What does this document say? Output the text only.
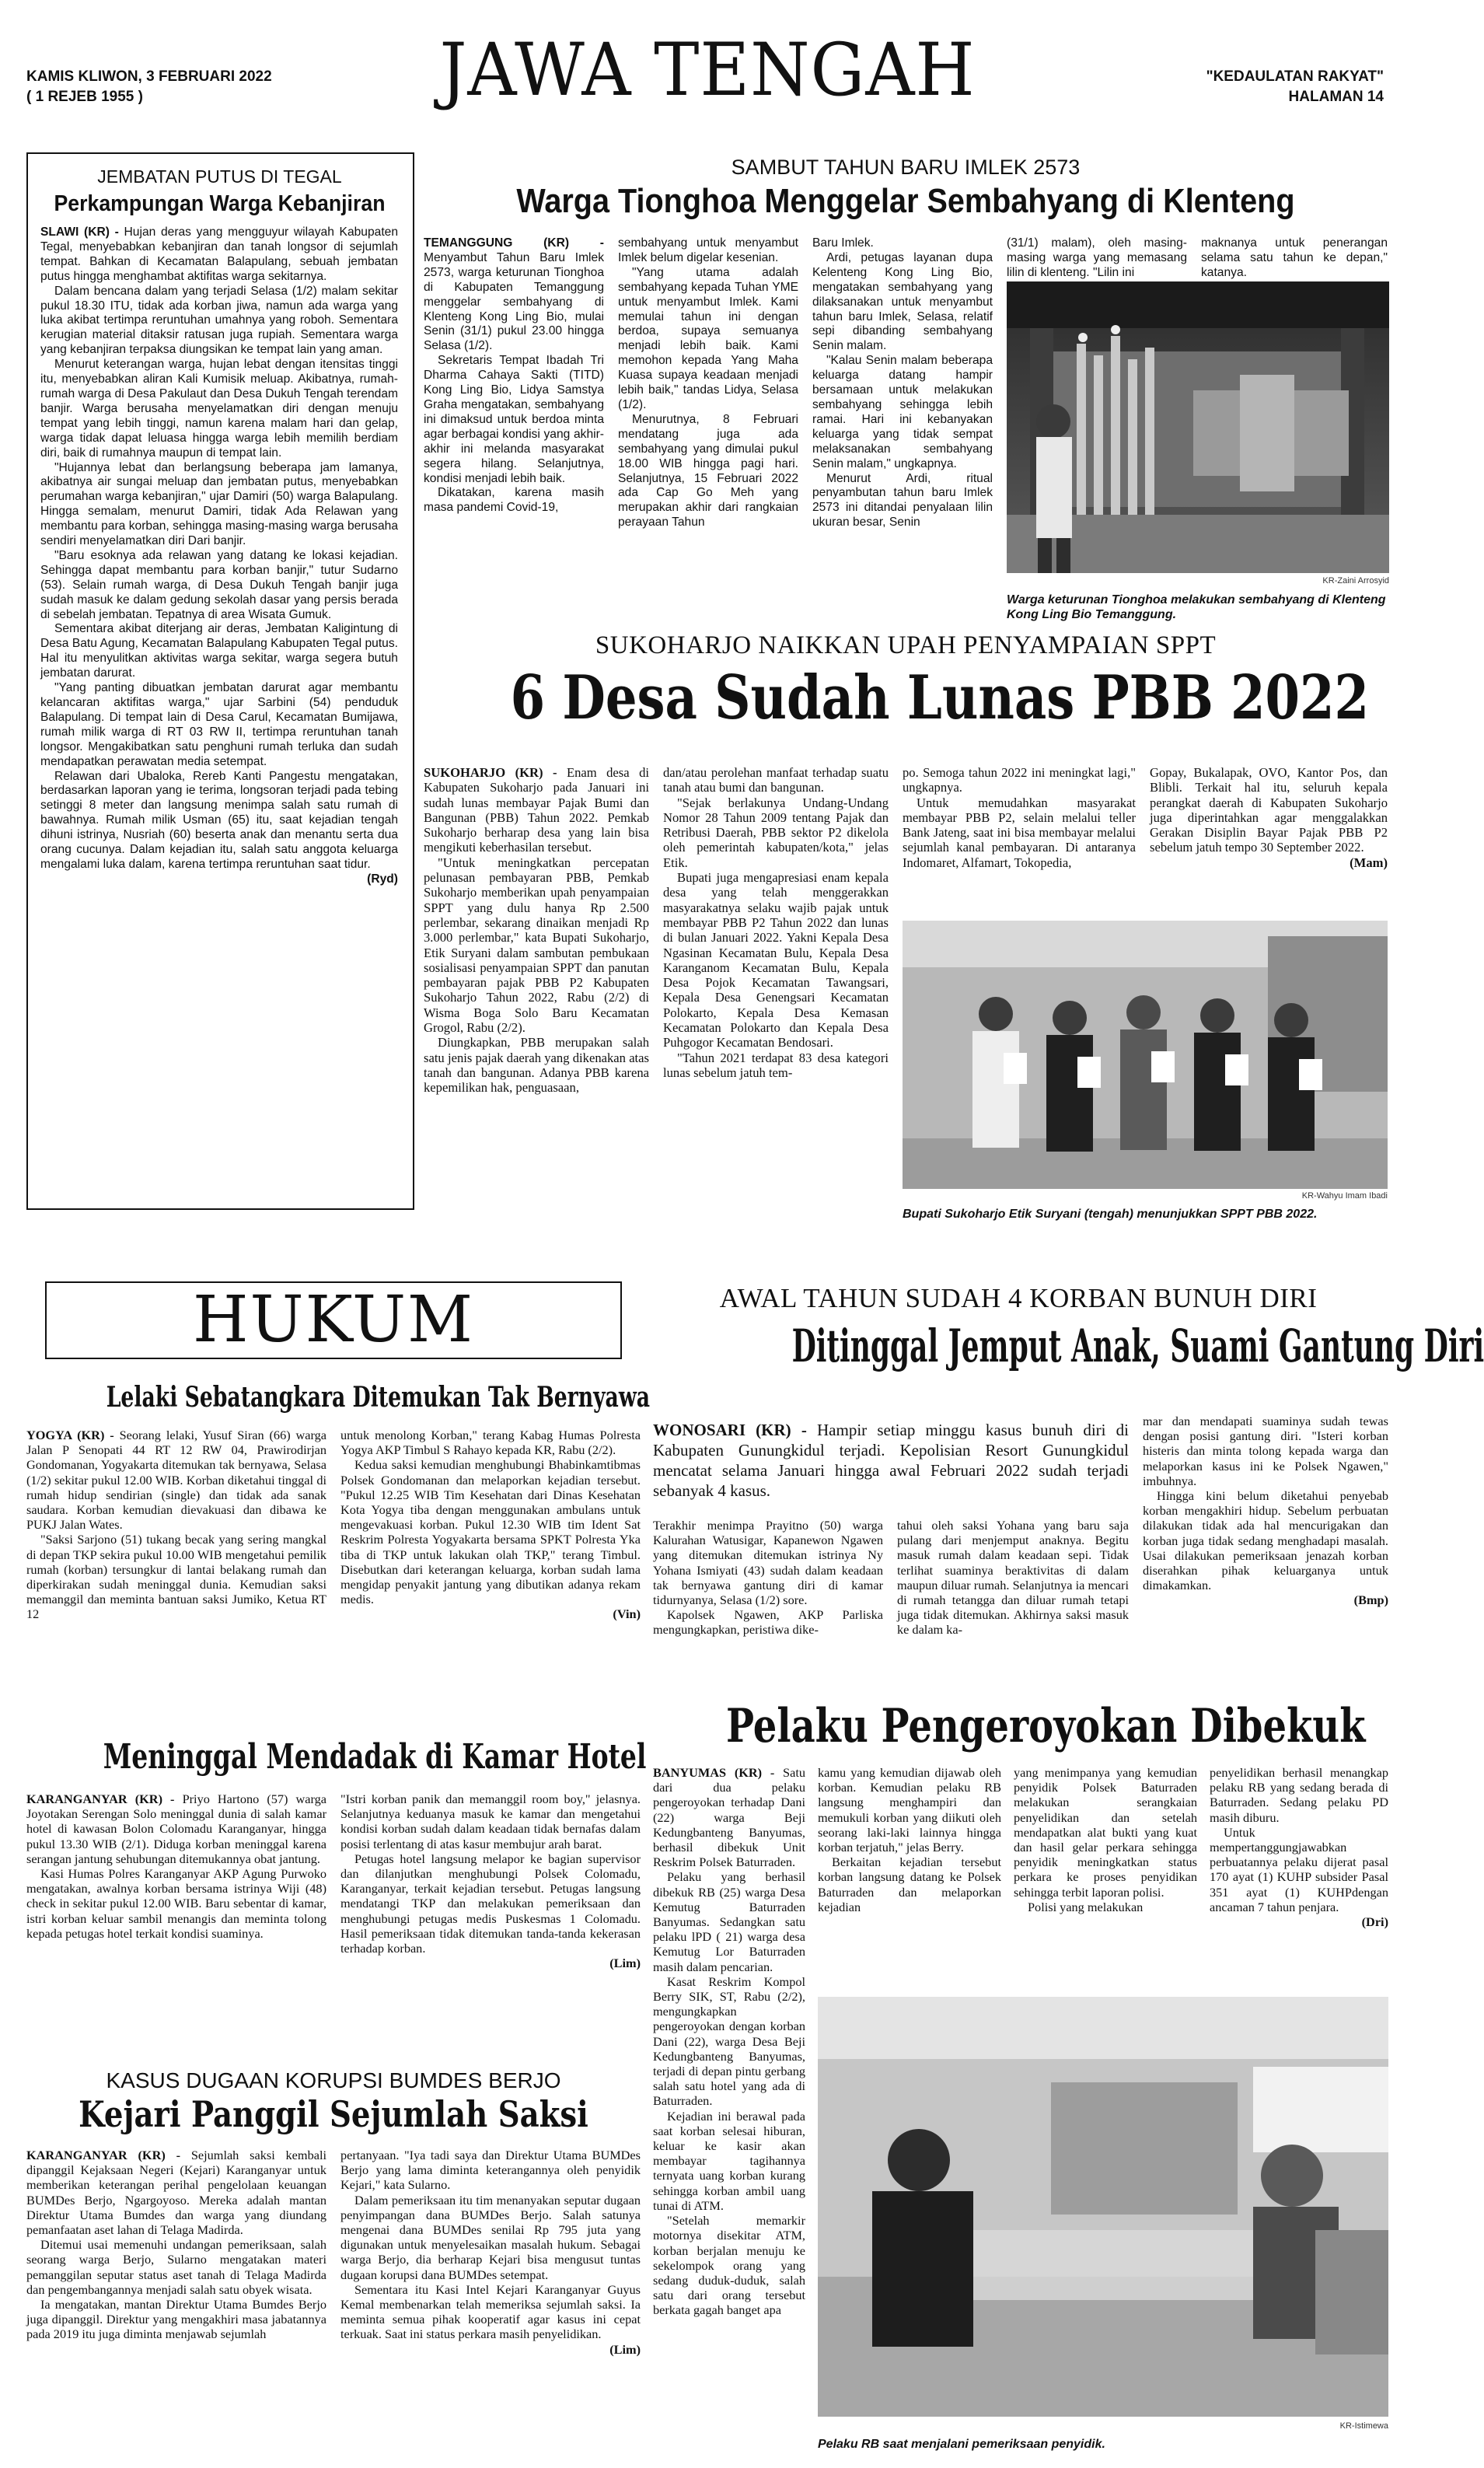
KAMIS KLIWON, 3 FEBRUARI 2022
( 1 REJEB 1955 )	JAWA TENGAH	"KEDAULATAN RAKYAT"
HALAMAN 14
JEMBATAN PUTUS DI TEGAL
Perkampungan Warga Kebanjiran

SLAWI (KR) - Hujan deras yang mengguyur wilayah Kabupaten Tegal, menyebabkan kebanjiran dan tanah longsor di sejumlah tempat. Bahkan di Kecamatan Balapulang, sebuah jembatan putus hingga menghambat aktifitas warga sekitarnya.

Dalam bencana dalam yang terjadi Selasa (1/2) malam sekitar pukul 18.30 ITU, tidak ada korban jiwa, namun ada warga yang luka akibat tertimpa reruntuhan umahnya yang roboh. Sementara kerugian material ditaksir ratusan juga rupiah. Sementara warga yang kebanjiran terpaksa diungsikan ke tempat lain yang aman.

Menurut keterangan warga, hujan lebat dengan itensitas tinggi itu, menyebabkan aliran Kali Kumisik meluap. Akibatnya, rumah-rumah warga di Desa Pakulaut dan Desa Dukuh Tengah terendam banjir. Warga berusaha menyelamatkan diri dengan menuju tempat yang lebih tinggi, namun karena malam hari dan gelap, warga tidak dapat leluasa hingga warga lebih memilih berdiam diri, baik di rumahnya maupun di tempat lain.

"Hujannya lebat dan berlangsung beberapa jam lamanya, akibatnya air sungai meluap dan jembatan putus, menyebabkan perumahan warga kebanjiran," ujar Damiri (50) warga Balapulang. Hingga semalam, menurut Damiri, tidak Ada Relawan yang membantu para korban, sehingga masing-masing warga berusaha sendiri menyelamatkan diri Dari banjir.

"Baru esoknya ada relawan yang datang ke lokasi kejadian. Sehingga dapat membantu para korban banjir," tutur Sudarno (53). Selain rumah warga, di Desa Dukuh Tengah banjir juga sudah masuk ke dalam gedung sekolah dasar yang persis berada di sebelah jembatan. Tepatnya di area Wisata Gumuk.

Sementara akibat diterjang air deras, Jembatan Kaligintung di Desa Batu Agung, Kecamatan Balapulang Kabupaten Tegal putus. Hal itu menyulitkan aktivitas warga sekitar, warga segera butuh jembatan darurat.

"Yang panting dibuatkan jembatan darurat agar membantu kelancaran aktifitas warga," ujar Sarbini (54) penduduk Balapulang. Di tempat lain di Desa Carul, Kecamatan Bumijawa, rumah milik warga di RT 03 RW II, tertimpa reruntuhan tanah longsor. Mengakibatkan satu penghuni rumah terluka dan sudah mendapatkan perawatan media setempat.

Relawan dari Ubaloka, Rereb Kanti Pangestu mengatakan, berdasarkan laporan yang ie terima, longsoran terjadi pada tebing setinggi 8 meter dan langsung menimpa salah satu rumah di bawahnya. Rumah milik Usman (65) itu, saat kejadian tengah dihuni istrinya, Nusriah (60) beserta anak dan menantu serta dua orang cucunya. Dalam kejadian itu, salah satu anggota keluarga mengalami luka dalam, karena tertimpa reruntuhan saat tidur.

(Ryd)

SAMBUT TAHUN BARU IMLEK 2573
Warga Tionghoa Menggelar Sembahyang di Klenteng

TEMANGGUNG (KR) - Menyambut Tahun Baru Imlek 2573, warga keturunan Tionghoa di Kabupaten Temanggung menggelar sembahyang di Klenteng Kong Ling Bio, mulai Senin (31/1) pukul 23.00 hingga Selasa (1/2).

Sekretaris Tempat Ibadah Tri Dharma Cahaya Sakti (TITD) Kong Ling Bio, Lidya Samstya Graha mengatakan, sembahyang ini dimaksud untuk berdoa minta agar berbagai kondisi yang akhir-akhir ini melanda masyarakat segera hilang. Selanjutnya, kondisi menjadi lebih baik.

Dikatakan, karena masih masa pandemi Covid-19,

sembahyang untuk menyambut Imlek belum digelar kesenian.

"Yang utama adalah sembahyang kepada Tuhan YME untuk menyambut Imlek. Kami memulai tahun ini dengan berdoa, supaya semuanya menjadi lebih baik. Kami memohon kepada Yang Maha Kuasa supaya keadaan menjadi lebih baik," tandas Lidya, Selasa (1/2).

Menurutnya, 8 Februari mendatang juga ada sembahyang yang dimulai pukul 18.00 WIB hingga pagi hari. Selanjutnya, 15 Februari 2022 ada Cap Go Meh yang merupakan akhir dari rangkaian perayaan Tahun

Baru Imlek.

Ardi, petugas layanan dupa Kelenteng Kong Ling Bio, mengatakan sembahyang yang dilaksanakan untuk menyambut tahun baru Imlek, Selasa, relatif sepi dibanding sembahyang Senin malam.

"Kalau Senin malam beberapa keluarga datang hampir bersamaan untuk melakukan sembahyang sehingga lebih ramai. Hari ini kebanyakan keluarga yang tidak sempat melaksanakan sembahyang Senin malam," ungkapnya.

Menurut Ardi, ritual penyambutan tahun baru Imlek 2573 ini ditandai penyalaan lilin ukuran besar, Senin

(31/1) malam), oleh masing-masing warga yang memasang lilin di klenteng. "Lilin ini

maknanya untuk penerangan selama satu tahun ke depan," katanya.

KR-Zaini Arrosyid
Warga keturunan Tionghoa melakukan sembahyang di Klenteng Kong Ling Bio Temanggung.
SUKOHARJO NAIKKAN UPAH PENYAMPAIAN SPPT
6 Desa Sudah Lunas PBB 2022

SUKOHARJO (KR) - Enam desa di Kabupaten Sukoharjo pada Januari ini sudah lunas membayar Pajak Bumi dan Bangunan (PBB) Tahun 2022. Pemkab Sukoharjo berharap desa yang lain bisa mengikuti keberhasilan tersebut.

"Untuk meningkatkan percepatan pelunasan pembayaran PBB, Pemkab Sukoharjo memberikan upah penyampaian SPPT yang dulu hanya Rp 2.500 perlembar, sekarang dinaikan menjadi Rp 3.000 perlembar," kata Bupati Sukoharjo, Etik Suryani dalam sambutan pembukaan sosialisasi penyampaian SPPT dan panutan pembayaran pajak PBB P2 Kabupaten Sukoharjo Tahun 2022, Rabu (2/2) di Wisma Boga Solo Baru Kecamatan Grogol, Rabu (2/2).

Diungkapkan, PBB merupakan salah satu jenis pajak daerah yang dikenakan atas tanah dan bangunan. Adanya PBB karena kepemilikan hak, penguasaan,

dan/atau perolehan manfaat terhadap suatu tanah atau bumi dan bangunan.

"Sejak berlakunya Undang-Undang Nomor 28 Tahun 2009 tentang Pajak dan Retribusi Daerah, PBB sektor P2 dikelola oleh pemerintah kabupaten/kota," jelas Etik.

Bupati juga mengapresiasi enam kepala desa yang telah menggerakkan masyarakatnya selaku wajib pajak untuk membayar PBB P2 Tahun 2022 dan lunas di bulan Januari 2022. Yakni Kepala Desa Ngasinan Kecamatan Bulu, Kepala Desa Karanganom Kecamatan Bulu, Kepala Desa Pojok Kecamatan Tawangsari, Kepala Desa Genengsari Kecamatan Polokarto, Kepala Desa Kemasan Kecamatan Polokarto dan Kepala Desa Puhgogor Kecamatan Bendosari.

"Tahun 2021 terdapat 83 desa kategori lunas sebelum jatuh tem-

po. Semoga tahun 2022 ini meningkat lagi," ungkapnya.

Untuk memudahkan masyarakat membayar PBB P2, selain melalui teller Bank Jateng, saat ini bisa membayar melalui sejumlah kanal pembayaran. Di antaranya Indomaret, Alfamart, Tokopedia,

Gopay, Bukalapak, OVO, Kantor Pos, dan Blibli. Terkait hal itu, seluruh kepala perangkat daerah di Kabupaten Sukoharjo juga diperintahkan agar menggalakkan Gerakan Disiplin Bayar Pajak PBB P2 sebelum jatuh tempo 30 September 2022.

(Mam)

KR-Wahyu Imam Ibadi
Bupati Sukoharjo Etik Suryani (tengah) menunjukkan SPPT PBB 2022.
HUKUM
Lelaki Sebatangkara Ditemukan Tak Bernyawa

YOGYA (KR) - Seorang lelaki, Yusuf Siran (66) warga Jalan P Senopati 44 RT 12 RW 04, Prawirodirjan Gondomanan, Yogyakarta ditemukan tak bernyawa, Selasa (1/2) sekitar pukul 12.00 WIB. Korban diketahui tinggal di rumah hidup sendirian (single) dan tidak ada sanak saudara. Korban kemudian dievakuasi dan dibawa ke PUKJ Jalan Wates.

"Saksi Sarjono (51) tukang becak yang sering mangkal di depan TKP sekira pukul 10.00 WIB mengetahui pemilik rumah (korban) tersungkur di lantai belakang rumah dan diperkirakan sudah meninggal dunia. Kemudian saksi memanggil dan meminta bantuan saksi Jumiko, Ketua RT 12

untuk menolong Korban," terang Kabag Humas Polresta Yogya AKP Timbul S Rahayo kepada KR, Rabu (2/2).

Kedua saksi kemudian menghubungi Bhabinkamtibmas Polsek Gondomanan dan melaporkan kejadian tersebut. "Pukul 12.25 WIB Tim Kesehatan dari Dinas Kesehatan Kota Yogya tiba dengan menggunakan ambulans untuk mengevakuasi korban. Pukul 12.30 WIB tim Ident Sat Reskrim Polresta Yogyakarta bersama SPKT Polresta Yka tiba di TKP untuk lakukan olah TKP," terang Timbul. Disebutkan dari keterangan keluarga, korban sudah lama mengidap penyakit jantung yang dibutikan adanya rekam medis.

(Vin)

Meninggal Mendadak di Kamar Hotel

KARANGANYAR (KR) - Priyo Hartono (57) warga Joyotakan Serengan Solo meninggal dunia di salah kamar hotel di kawasan Bolon Colomadu Karanganyar, hingga pukul 13.30 WIB (2/1). Diduga korban meninggal karena serangan jantung sehubungan ditemukannya obat jantung.

Kasi Humas Polres Karanganyar AKP Agung Purwoko mengatakan, awalnya korban bersama istrinya Wiji (48) check in sekitar pukul 12.00 WIB. Baru sebentar di kamar, istri korban keluar sambil menangis dan meminta tolong kepada petugas hotel terkait kondisi suaminya.

"Istri korban panik dan memanggil room boy," jelasnya. Selanjutnya keduanya masuk ke kamar dan mengetahui kondisi korban sudah dalam keadaan tidak bernafas dalam posisi terlentang di atas kasur membujur arah barat.

Petugas hotel langsung melapor ke bagian supervisor dan dilanjutkan menghubungi Polsek Colomadu, Karanganyar, terkait kejadian tersebut. Petugas langsung mendatangi TKP dan melakukan pemeriksaan dan menghubungi petugas medis Puskesmas 1 Colomadu. Hasil pemeriksaan tidak ditemukan tanda-tanda kekerasan terhadap korban.

(Lim)

KASUS DUGAAN KORUPSI BUMDES BERJO
Kejari Panggil Sejumlah Saksi

KARANGANYAR (KR) - Sejumlah saksi kembali dipanggil Kejaksaan Negeri (Kejari) Karanganyar untuk memberikan keterangan perihal pengelolaan keuangan BUMDes Berjo, Ngargoyoso. Mereka adalah mantan Direktur Utama Bumdes dan warga yang diundang pemanfaatan aset lahan di Telaga Madirda.

Ditemui usai memenuhi undangan pemeriksaan, salah seorang warga Berjo, Sularno mengatakan materi pemanggilan seputar status aset tanah di Telaga Madirda dan pengembangannya menjadi salah satu obyek wisata.

Ia mengatakan, mantan Direktur Utama Bumdes Berjo juga dipanggil. Direktur yang mengakhiri masa jabatannya pada 2019 itu juga diminta menjawab sejumlah

pertanyaan. "Iya tadi saya dan Direktur Utama BUMDes Berjo yang lama diminta keterangannya oleh penyidik Kejari," kata Sularno.

Dalam pemeriksaan itu tim menanyakan seputar dugaan penyimpangan dana BUMDes Berjo. Salah satunya mengenai dana BUMDes senilai Rp 795 juta yang digunakan untuk menyelesaikan masalah hukum. Sebagai warga Berjo, dia berharap Kejari bisa mengusut tuntas dugaan korupsi dana BUMDes setempat.

Sementara itu Kasi Intel Kejari Karanganyar Guyus Kemal membenarkan telah memeriksa sejumlah saksi. Ia meminta semua pihak kooperatif agar kasus ini cepat terkuak. Saat ini status perkara masih penyelidikan.

(Lim)

AWAL TAHUN SUDAH 4 KORBAN BUNUH DIRI
Ditinggal Jemput Anak, Suami Gantung Diri

WONOSARI (KR) - Hampir setiap minggu kasus bunuh diri di Kabupaten Gunungkidul terjadi. Kepolisian Resort Gunungkidul mencatat selama Januari hingga awal Februari 2022 sudah terjadi sebanyak 4 kasus.

Terakhir menimpa Prayitno (50) warga Kalurahan Watusigar, Kapanewon Ngawen yang ditemukan ditemukan istrinya Ny Yohana Ismiyati (43) sudah dalam keadaan tak bernyawa gantung diri di kamar tidurnyanya, Selasa (1/2) sore.

Kapolsek Ngawen, AKP Parliska mengungkapkan, peristiwa dike-

tahui oleh saksi Yohana yang baru saja pulang dari menjemput anaknya. Begitu masuk rumah dalam keadaan sepi. Tidak terlihat suaminya beraktivitas di dalam maupun diluar rumah. Selanjutnya ia mencari di rumah tetangga dan diluar rumah tetapi juga tidak ditemukan. Akhirnya saksi masuk ke dalam ka-

mar dan mendapati suaminya sudah tewas dengan posisi gantung diri. "Isteri korban histeris dan minta tolong kepada warga dan melaporkan kasus ini ke Polsek Ngawen," imbuhnya.

Hingga kini belum diketahui penyebab korban mengakhiri hidup. Sebelum perbuatan dilakukan tidak ada hal mencurigakan dan korban juga tidak sedang menghadapi masalah. Usai dilakukan pemeriksaan jenazah korban diserahkan pihak keluarganya untuk dimakamkan.

(Bmp)

Pelaku Pengeroyokan Dibekuk

BANYUMAS (KR) - Satu dari dua pelaku pengeroyokan terhadap Dani (22) warga Beji Kedungbanteng Banyumas, berhasil dibekuk Unit Reskrim Polsek Baturraden.

Pelaku yang berhasil dibekuk RB (25) warga Desa Kemutug Baturraden Banyumas. Sedangkan satu pelaku lPD ( 21) warga desa Kemutug Lor Baturraden masih dalam pencarian.

Kasat Reskrim Kompol Berry SIK, ST, Rabu (2/2), mengungkapkan pengeroyokan dengan korban Dani (22), warga Desa Beji Kedungbanteng Banyumas, terjadi di depan pintu gerbang salah satu hotel yang ada di Baturraden.

Kejadian ini berawal pada saat korban selesai hiburan, keluar ke kasir akan membayar tagihannya ternyata uang korban kurang sehingga korban ambil uang tunai di ATM.

"Setelah memarkir motornya disekitar ATM, korban berjalan menuju ke sekelompok orang yang sedang duduk-duduk, salah satu dari orang tersebut berkata gagah banget apa

kamu yang kemudian dijawab oleh korban. Kemudian pelaku RB langsung menghampiri dan memukuli korban yang diikuti oleh seorang laki-laki lainnya hingga korban terjatuh," jelas Berry.

Berkaitan kejadian tersebut korban langsung datang ke Polsek Baturraden dan melaporkan kejadian

yang menimpanya yang kemudian penyidik Polsek Baturraden melakukan serangkaian penyelidikan dan setelah mendapatkan alat bukti yang kuat dan hasil gelar perkara sehingga penyidik meningkatkan status perkara ke proses penyidikan sehingga terbit laporan polisi.

Polisi yang melakukan

penyelidikan berhasil menangkap pelaku RB yang sedang berada di Baturraden. Sedang pelaku PD masih diburu.

Untuk mempertanggungjawabkan perbuatannya pelaku dijerat pasal 170 ayat (1) KUHP subsider Pasal 351 ayat (1) KUHPdengan ancaman 7 tahun penjara.

(Dri)

KR-Istimewa
Pelaku RB saat menjalani pemeriksaan penyidik.
